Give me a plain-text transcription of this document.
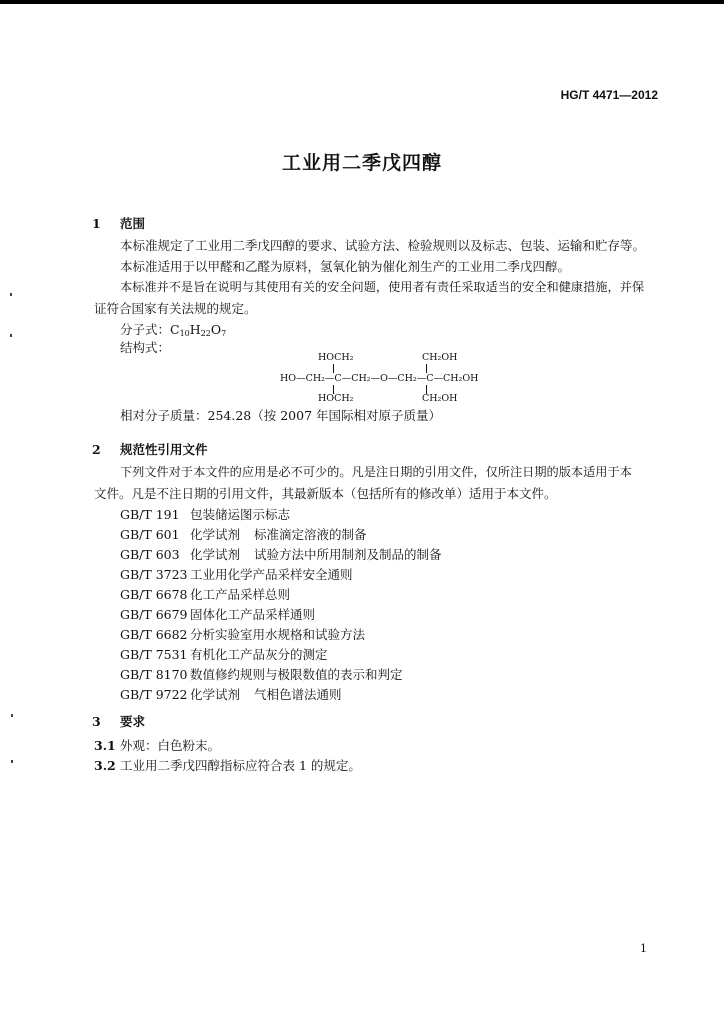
HG/T 4471—2012
工业用二季戊四醇
1 范围
本标准规定了工业用二季戊四醇的要求、试验方法、检验规则以及标志、包装、运输和贮存等。
本标准适用于以甲醛和乙醛为原料，氢氧化钠为催化剂生产的工业用二季戊四醇。
本标准并不是旨在说明与其使用有关的安全问题，使用者有责任采取适当的安全和健康措施，并保
证符合国家有关法规的规定。
分子式：$C_{10}H_{22}O_7$
结构式：
HOCH₂	CH₂OH
HO—CH₂—C—CH₂—O—CH₂—C—CH₂OH
HOCH₂	CH₂OH
相对分子质量：254.28（按 2007 年国际相对原子质量）
2 规范性引用文件
下列文件对于本文件的应用是必不可少的。凡是注日期的引用文件，仅所注日期的版本适用于本
文件。凡是不注日期的引用文件，其最新版本（包括所有的修改单）适用于本文件。
GB/T 191 包装储运图示标志
GB/T 601 化学试剂 标准滴定溶液的制备
GB/T 603 化学试剂 试验方法中所用制剂及制品的制备
GB/T 3723 工业用化学产品采样安全通则
GB/T 6678 化工产品采样总则
GB/T 6679 固体化工产品采样通则
GB/T 6682 分析实验室用水规格和试验方法
GB/T 7531 有机化工产品灰分的测定
GB/T 8170 数值修约规则与极限数值的表示和判定
GB/T 9722 化学试剂 气相色谱法通则
3 要求
3.1 外观：白色粉末。
3.2 工业用二季戊四醇指标应符合表 1 的规定。
1
